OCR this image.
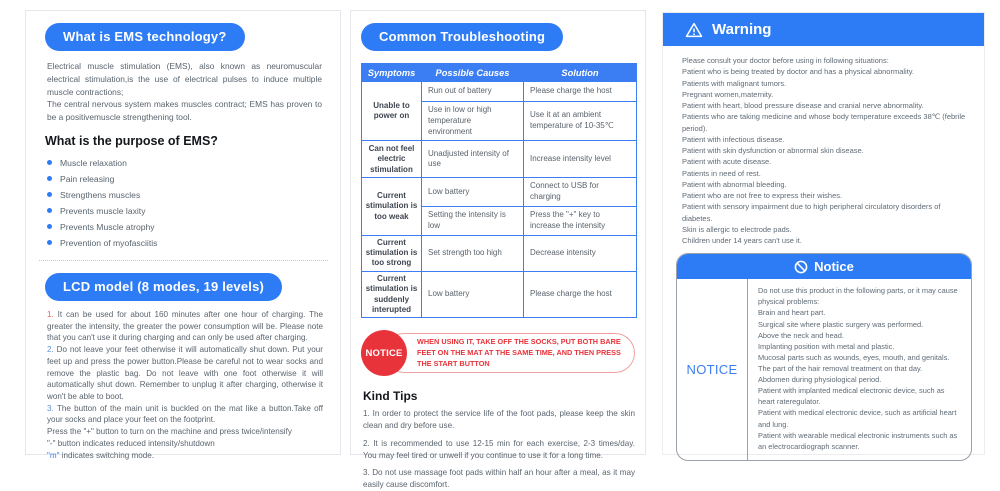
What is EMS technology?

Electrical muscle stimulation (EMS), also known as neuromuscular electrical stimulation,is the use of electrical pulses to induce multiple muscle contractions;

The central nervous system makes muscles contract; EMS has proven to be a positivemuscle strengthening tool.

What is the purpose of EMS?
Muscle relaxation
Pain releasing
Strengthens muscles
Prevents muscle laxity
Prevents Muscle atrophy
Prevention of myofasciitis
LCD model (8 modes, 19 levels)
1. It can be used for about 160 minutes after one hour of charging. The greater the intensity, the greater the power consumption will be. Please note that you can't use it during charging and can only be used after charging.
2. Do not leave your feet otherwise it will automatically shut down. Put your feet up and press the power button.Please be careful not to wear socks and remove the plastic bag. Do not leave with one foot otherwise it will automatically shut down. Remember to unplug it after charging, otherwise it won't be able to boot.
3. The button of the main unit is buckled on the mat like a button.Take off your socks and place your feet on the footprint.
Press the "+" button to turn on the machine and press twice/intensify
"-" button indicates reduced intensity/shutdown
"m" indicates switching mode.
Common Troubleshooting
Symptoms	Possible Causes	Solution
Unable to power on	Run out of battery	Please charge the host
	Use in low or high temperature environment	Use it at an ambient temperature of 10-35℃
Can not feel electric stimulation	Unadjusted intensity of use	Increase intensity level
Current stimulation is too weak	Low battery	Connect to USB for charging
	Setting the intensity is low	Press the "+" key to increase the intensity
Current stimulation is too strong	Set strength too high	Decrease intensity
Current stimulation is suddenly interupted	Low battery	Please charge the host
NOTICE
WHEN USING IT, TAKE OFF THE SOCKS, PUT BOTH BARE FEET ON THE MAT AT THE SAME TIME, AND THEN PRESS THE START BUTTON
Kind Tips

1. In order to protect the service life of the foot pads, please keep the skin clean and dry before use.

2. It is recommended to use 12-15 min for each exercise, 2-3 times/day. You may feel tired or unwell if you continue to use it for a long time.

3. Do not use massage foot pads within half an hour after a meal, as it may easily cause discomfort.

Warning
Please consult your doctor before using in following situations:
Patient who is being treated by doctor and has a physical abnormality.
Patients with malignant tumors.
Pregnant women,maternity.
Patient with heart, blood pressure disease and cranial nerve abnormality.
Patients who are taking medicine and whose body temperature exceeds 38℃ (febrile period).
Patient with infectious disease.
Patient with skin dysfunction or abnormal skin disease.
Patient with acute disease.
Patients in need of rest.
Patient with abnormal bleeding.
Patient who are not free to express their wishes.
Patient with sensory impairment due to high peripheral circulatory disorders of diabetes.
Skin is allergic to electrode pads.
Children under 14 years can't use it.
Notice
NOTICE
Do not use this product in the following parts, or it may cause physical problems:
Brain and heart part.
Surgical site where plastic surgery was performed.
Above the neck and head.
Implanting position with metal and plastic.
Mucosal parts such as wounds, eyes, mouth, and genitals.
The part of the hair removal treatment on that day.
Abdomen during physiological period.
Patient with implanted medical electronic device, such as heart rateregulator.
Patient with medical electronic device, such as artificial heart and lung.
Patient with wearable medical electronic instruments such as an electrocardiograph scanner.
